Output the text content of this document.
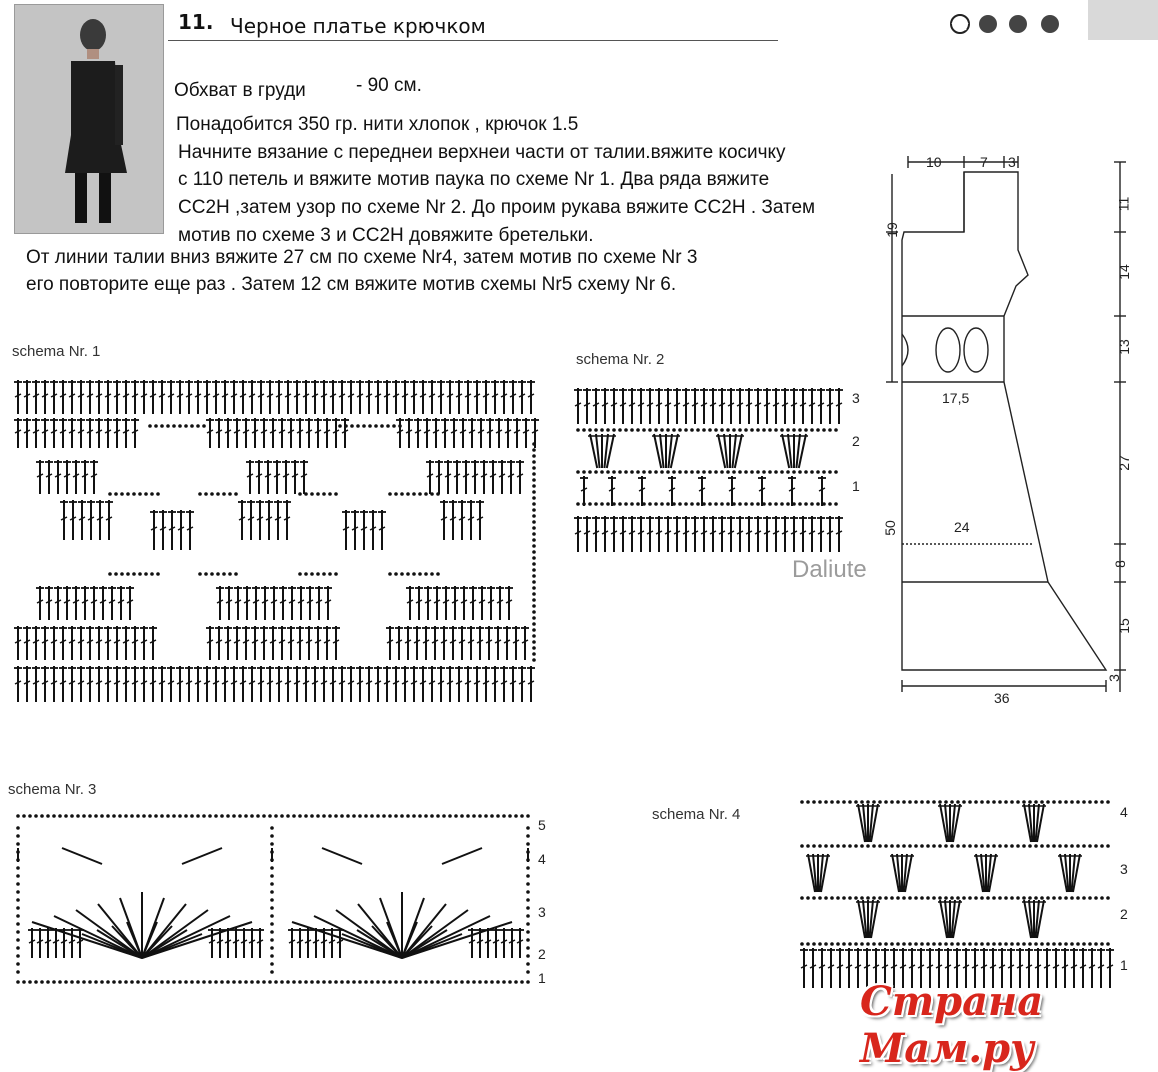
11. Черное платье крючком
Обхват в груди	- 90 см.
Понадобится 350 гр. нити хлопок , крючок 1.5
Начните вязание с переднеи верхнеи части от талии.вяжите косичку
с 110 петель и вяжите мотив паука по схеме Nr 1. Два ряда вяжите
СС2Н ,затем узор по схеме Nr 2. До проим рукава вяжите СС2Н . Затем
мотив по схеме 3 и СС2Н довяжите бретельки.
От линии талии вниз вяжите 27 см по схеме Nr4, затем мотив по схеме Nr 3
его повторите еще раз . Затем 12 см вяжите мотив схемы Nr5 схему Nr 6.
schema Nr. 1	schema Nr. 2
schema Nr. 3
schema Nr. 4
3
2
1
5
4
3
2
1
4
3
2
1
10	7 3
11
14
13
27
8
15
3
19
50
17,5
24
36
Daliute
Страна Мам.ру
